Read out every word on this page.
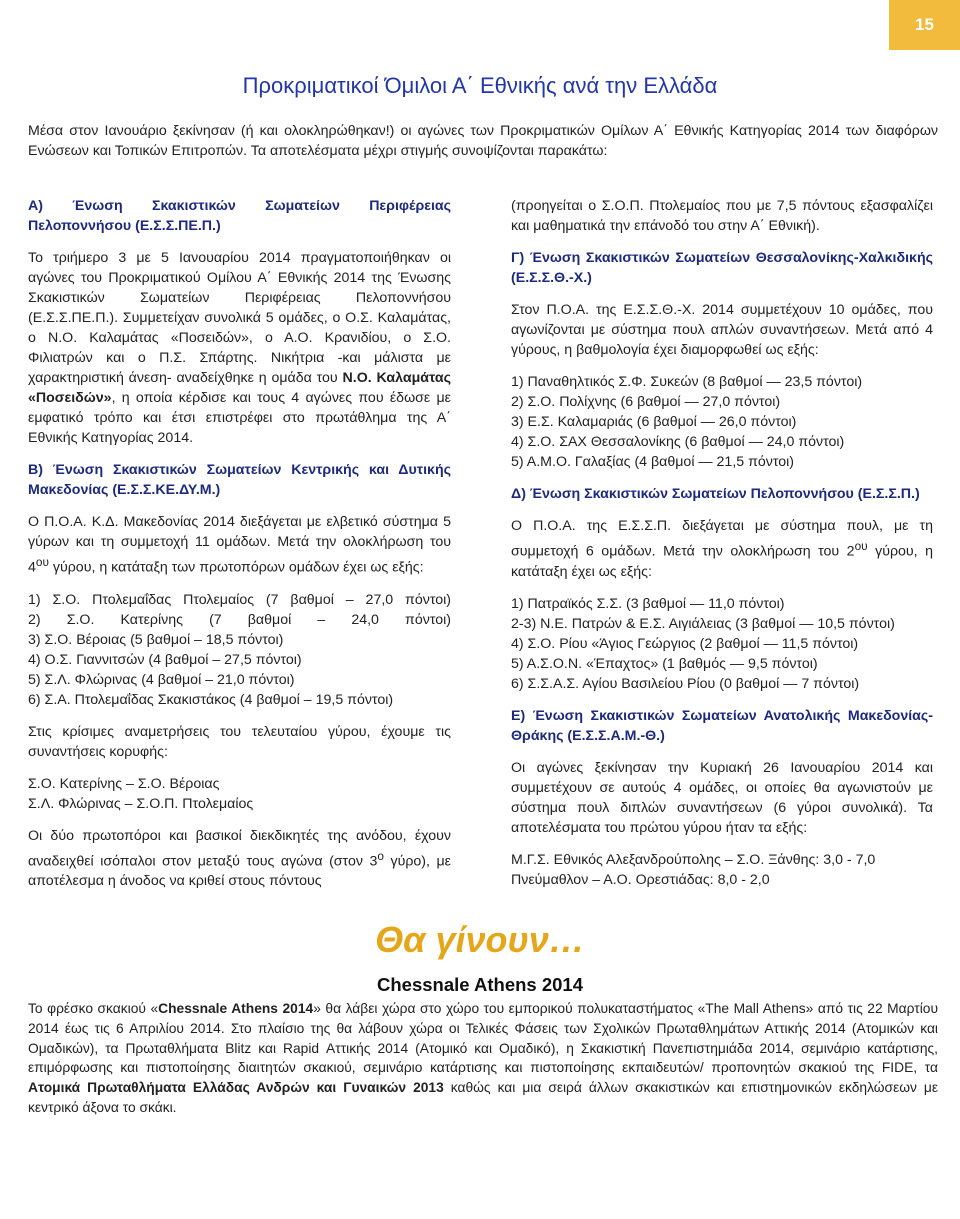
15
Προκριματικοί Όμιλοι Α΄ Εθνικής ανά την Ελλάδα

Μέσα στον Ιανουάριο ξεκίνησαν (ή και ολοκληρώθηκαν!) οι αγώνες των Προκριματικών Ομίλων Α΄ Εθνικής Κατηγορίας 2014 των διαφόρων Ενώσεων και Τοπικών Επιτροπών. Τα αποτελέσματα μέχρι στιγμής συνοψίζονται παρακάτω:

Α) Ένωση Σκακιστικών Σωματείων Περιφέρειας Πελοποννήσου (Ε.Σ.Σ.ΠΕ.Π.)

Το τριήμερο 3 με 5 Ιανουαρίου 2014 πραγματοποιήθηκαν οι αγώνες του Προκριματικού Ομίλου Α΄ Εθνικής 2014 της Ένωσης Σκακιστικών Σωματείων Περιφέρειας Πελοποννήσου (Ε.Σ.Σ.ΠΕ.Π.). Συμμετείχαν συνολικά 5 ομάδες, ο Ο.Σ. Καλαμάτας, ο Ν.Ο. Καλαμάτας «Ποσειδών», ο Α.Ο. Κρανιδίου, ο Σ.Ο. Φιλιατρών και ο Π.Σ. Σπάρτης. Νικήτρια -και μάλιστα με χαρακτηριστική άνεση- αναδείχθηκε η ομάδα του Ν.Ο. Καλαμάτας «Ποσειδών», η οποία κέρδισε και τους 4 αγώνες που έδωσε με εμφατικό τρόπο και έτσι επιστρέφει στο πρωτάθλημα της Α΄ Εθνικής Κατηγορίας 2014.

Β) Ένωση Σκακιστικών Σωματείων Κεντρικής και Δυτικής Μακεδονίας (Ε.Σ.Σ.ΚΕ.ΔΥ.Μ.)

Ο Π.Ο.Α. Κ.Δ. Μακεδονίας 2014 διεξάγεται με ελβετικό σύστημα 5 γύρων και τη συμμετοχή 11 ομάδων. Μετά την ολοκλήρωση του $4^{o\upsilon}$ γύρου, η κατάταξη των πρωτοπόρων ομάδων έχει ως εξής:

1) Σ.Ο. Πτολεμαΐδας Πτολεμαίος (7 βαθμοί – 27,0 πόντοι)
2) Σ.Ο. Κατερίνης (7 βαθμοί – 24,0 πόντοι)
3) Σ.Ο. Βέροιας (5 βαθμοί – 18,5 πόντοι)
4) Ο.Σ. Γιαννιτσών (4 βαθμοί – 27,5 πόντοι)
5) Σ.Λ. Φλώρινας (4 βαθμοί – 21,0 πόντοι)
6) Σ.Α. Πτολεμαΐδας Σκακιστάκος (4 βαθμοί – 19,5 πόντοι)

Στις κρίσιμες αναμετρήσεις του τελευταίου γύρου, έχουμε τις συναντήσεις κορυφής:

Σ.Ο. Κατερίνης – Σ.Ο. Βέροιας
Σ.Λ. Φλώρινας – Σ.Ο.Π. Πτολεμαίος

Οι δύο πρωτοπόροι και βασικοί διεκδικητές της ανόδου, έχουν αναδειχθεί ισόπαλοι στον μεταξύ τους αγώνα (στον $3^o$ γύρο), με αποτέλεσμα η άνοδος να κριθεί στους πόντους

(προηγείται ο Σ.Ο.Π. Πτολεμαίος που με 7,5 πόντους εξασφαλίζει και μαθηματικά την επάνοδό του στην Α΄ Εθνική).

Γ) Ένωση Σκακιστικών Σωματείων Θεσσαλονίκης-Χαλκιδικής (Ε.Σ.Σ.Θ.-Χ.)

Στον Π.Ο.Α. της Ε.Σ.Σ.Θ.-Χ. 2014 συμμετέχουν 10 ομάδες, που αγωνίζονται με σύστημα πουλ απλών συναντήσεων. Μετά από 4 γύρους, η βαθμολογία έχει διαμορφωθεί ως εξής:

1) Παναθηλτικός Σ.Φ. Συκεών (8 βαθμοί — 23,5 πόντοι)
2) Σ.Ο. Πολίχνης (6 βαθμοί — 27,0 πόντοι)
3) Ε.Σ. Καλαμαριάς (6 βαθμοί — 26,0 πόντοι)
4) Σ.Ο. ΣΑΧ Θεσσαλονίκης (6 βαθμοί — 24,0 πόντοι)
5) Α.Μ.Ο. Γαλαξίας (4 βαθμοί — 21,5 πόντοι)

Δ) Ένωση Σκακιστικών Σωματείων Πελοποννήσου (Ε.Σ.Σ.Π.)

Ο Π.Ο.Α. της Ε.Σ.Σ.Π. διεξάγεται με σύστημα πουλ, με τη συμμετοχή 6 ομάδων. Μετά την ολοκλήρωση του $2^{o\upsilon}$ γύρου, η κατάταξη έχει ως εξής:

1) Πατραϊκός Σ.Σ. (3 βαθμοί — 11,0 πόντοι)
2-3) Ν.Ε. Πατρών & Ε.Σ. Αιγιάλειας (3 βαθμοί — 10,5 πόντοι)
4) Σ.Ο. Ρίου «Άγιος Γεώργιος (2 βαθμοί — 11,5 πόντοι)
5) Α.Σ.Ο.Ν. «Έπαχτος» (1 βαθμός — 9,5 πόντοι)
6) Σ.Σ.Α.Σ. Αγίου Βασιλείου Ρίου (0 βαθμοί — 7 πόντοι)

Ε) Ένωση Σκακιστικών Σωματείων Ανατολικής Μακεδονίας-Θράκης (Ε.Σ.Σ.Α.Μ.-Θ.)

Οι αγώνες ξεκίνησαν την Κυριακή 26 Ιανουαρίου 2014 και συμμετέχουν σε αυτούς 4 ομάδες, οι οποίες θα αγωνιστούν με σύστημα πουλ διπλών συναντήσεων (6 γύροι συνολικά). Τα αποτελέσματα του πρώτου γύρου ήταν τα εξής:

Μ.Γ.Σ. Εθνικός Αλεξανδρούπολης – Σ.Ο. Ξάνθης: 3,0 - 7,0
Πνεύμαθλον – Α.Ο. Ορεστιάδας: 8,0 - 2,0

Θα γίνουν…
Chessnale Athens 2014

Το φρέσκο σκακιού «Chessnale Athens 2014» θα λάβει χώρα στο χώρο του εμπορικού πολυκαταστήματος «The Mall Athens» από τις 22 Μαρτίου 2014 έως τις 6 Απριλίου 2014. Στο πλαίσιο της θα λάβουν χώρα οι Τελικές Φάσεις των Σχολικών Πρωταθλημάτων Αττικής 2014 (Ατομικών και Ομαδικών), τα Πρωταθλήματα Blitz και Rapid Αττικής 2014 (Ατομικό και Ομαδικό), η Σκακιστική Πανεπιστημιάδα 2014, σεμινάριο κατάρτισης, επιμόρφωσης και πιστοποίησης διαιτητών σκακιού, σεμινάριο κατάρτισης και πιστοποίησης εκπαιδευτών/ προπονητών σκακιού της FIDE, τα Ατομικά Πρωταθλήματα Ελλάδας Ανδρών και Γυναικών 2013 καθώς και μια σειρά άλλων σκακιστικών και επιστημονικών εκδηλώσεων με κεντρικό άξονα το σκάκι.
